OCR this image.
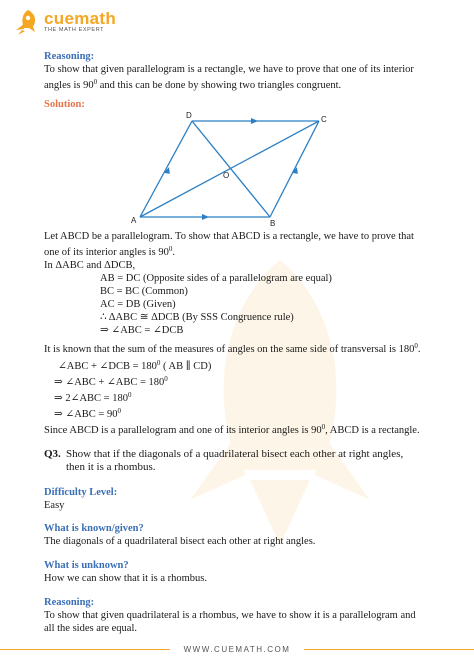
cuemath
THE MATH EXPERT
Reasoning:
To show that given parallelogram is a rectangle, we have to prove that one of its interior
angles is $90^0$ and this can be done by showing two triangles congruent.
Solution:
A	B
C
D
O
Let ABCD be a parallelogram. To show that ABCD is a rectangle, we have to prove that
one of its interior angles is $90^0$.
In ΔABC and ΔDCB,
AB = DC (Opposite sides of a parallelogram are equal)
BC = BC (Common)
AC = DB (Given)
∴ ΔABC ≅ ΔDCB (By SSS Congruence rule)
⇒ ∠ABC = ∠DCB
It is known that the sum of the measures of angles on the same side of transversal is $180^0$.
∠ABC + ∠DCB = $180^0$ ( AB ∥ CD)
⇒ ∠ABC + ∠ABC = $180^0$
⇒ 2∠ABC = $180^0$
⇒ ∠ABC = $90^0$
Since ABCD is a parallelogram and one of its interior angles is $90^0$, ABCD is a rectangle.
Q3. Show that if the diagonals of a quadrilateral bisect each other at right angles,
then it is a rhombus.
Difficulty Level:
Easy
What is known/given?
The diagonals of a quadrilateral bisect each other at right angles.
What is unknown?
How we can show that it is a rhombus.
Reasoning:
To show that given quadrilateral is a rhombus, we have to show it is a parallelogram and
all the sides are equal.
WWW.CUEMATH.COM
